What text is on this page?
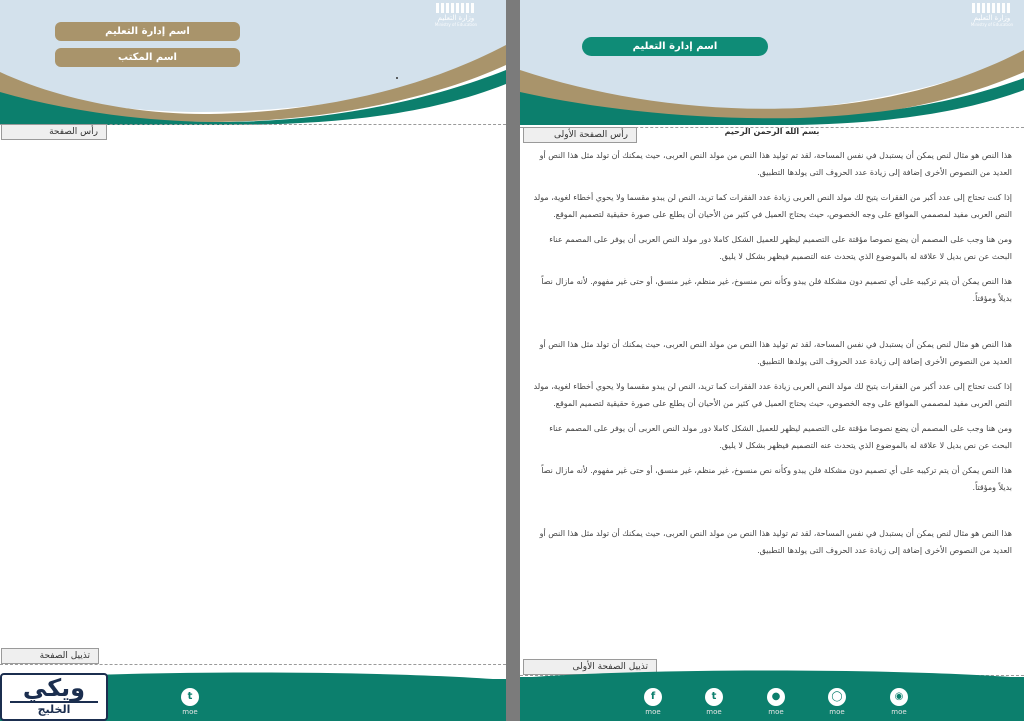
وزارة التعليم
Ministry of Education
اسم إدارة التعليم
اسم المكتب
رأس الصفحة
تذييل الصفحة
t
moe
وزارة التعليم
Ministry of Education
اسم إدارة التعليم
رأس الصفحة الأولى	بسم الله الرحمن الرحيم

هذا النص هو مثال لنص يمكن أن يستبدل في نفس المساحة، لقد تم توليد هذا النص من مولد النص العربى، حيث يمكنك أن تولد مثل هذا النص أو العديد من النصوص الأخرى إضافة إلى زيادة عدد الحروف التى يولدها التطبيق.

إذا كنت تحتاج إلى عدد أكبر من الفقرات يتيح لك مولد النص العربى زيادة عدد الفقرات كما تريد، النص لن يبدو مقسما ولا يحوي أخطاء لغوية، مولد النص العربى مفيد لمصممي المواقع على وجه الخصوص، حيث يحتاج العميل في كثير من الأحيان أن يطلع على صورة حقيقية لتصميم الموقع.

ومن هنا وجب على المصمم أن يضع نصوصا مؤقتة على التصميم ليظهر للعميل الشكل كاملا دور مولد النص العربى أن يوفر على المصمم عناء البحث عن نص بديل لا علاقة له بالموضوع الذي يتحدث عنه التصميم فيظهر بشكل لا يليق.

هذا النص يمكن أن يتم تركيبه على أي تصميم دون مشكلة فلن يبدو وكأنه نص منسوخ، غير منظم، غير منسق، أو حتى غير مفهوم. لأنه مازال نصاً بديلاً ومؤقتاً.

هذا النص هو مثال لنص يمكن أن يستبدل في نفس المساحة، لقد تم توليد هذا النص من مولد النص العربى، حيث يمكنك أن تولد مثل هذا النص أو العديد من النصوص الأخرى إضافة إلى زيادة عدد الحروف التى يولدها التطبيق.

إذا كنت تحتاج إلى عدد أكبر من الفقرات يتيح لك مولد النص العربى زيادة عدد الفقرات كما تريد، النص لن يبدو مقسما ولا يحوي أخطاء لغوية، مولد النص العربى مفيد لمصممي المواقع على وجه الخصوص، حيث يحتاج العميل في كثير من الأحيان أن يطلع على صورة حقيقية لتصميم الموقع.

ومن هنا وجب على المصمم أن يضع نصوصا مؤقتة على التصميم ليظهر للعميل الشكل كاملا دور مولد النص العربى أن يوفر على المصمم عناء البحث عن نص بديل لا علاقة له بالموضوع الذي يتحدث عنه التصميم فيظهر بشكل لا يليق.

هذا النص يمكن أن يتم تركيبه على أي تصميم دون مشكلة فلن يبدو وكأنه نص منسوخ، غير منظم، غير منسق، أو حتى غير مفهوم. لأنه مازال نصاً بديلاً ومؤقتاً.

هذا النص هو مثال لنص يمكن أن يستبدل في نفس المساحة، لقد تم توليد هذا النص من مولد النص العربى، حيث يمكنك أن تولد مثل هذا النص أو العديد من النصوص الأخرى إضافة إلى زيادة عدد الحروف التى يولدها التطبيق.

تذييل الصفحة الأولى
f
moe
t
moe
●
moe
◯
moe
◉
moe
ويكي
الخليج
